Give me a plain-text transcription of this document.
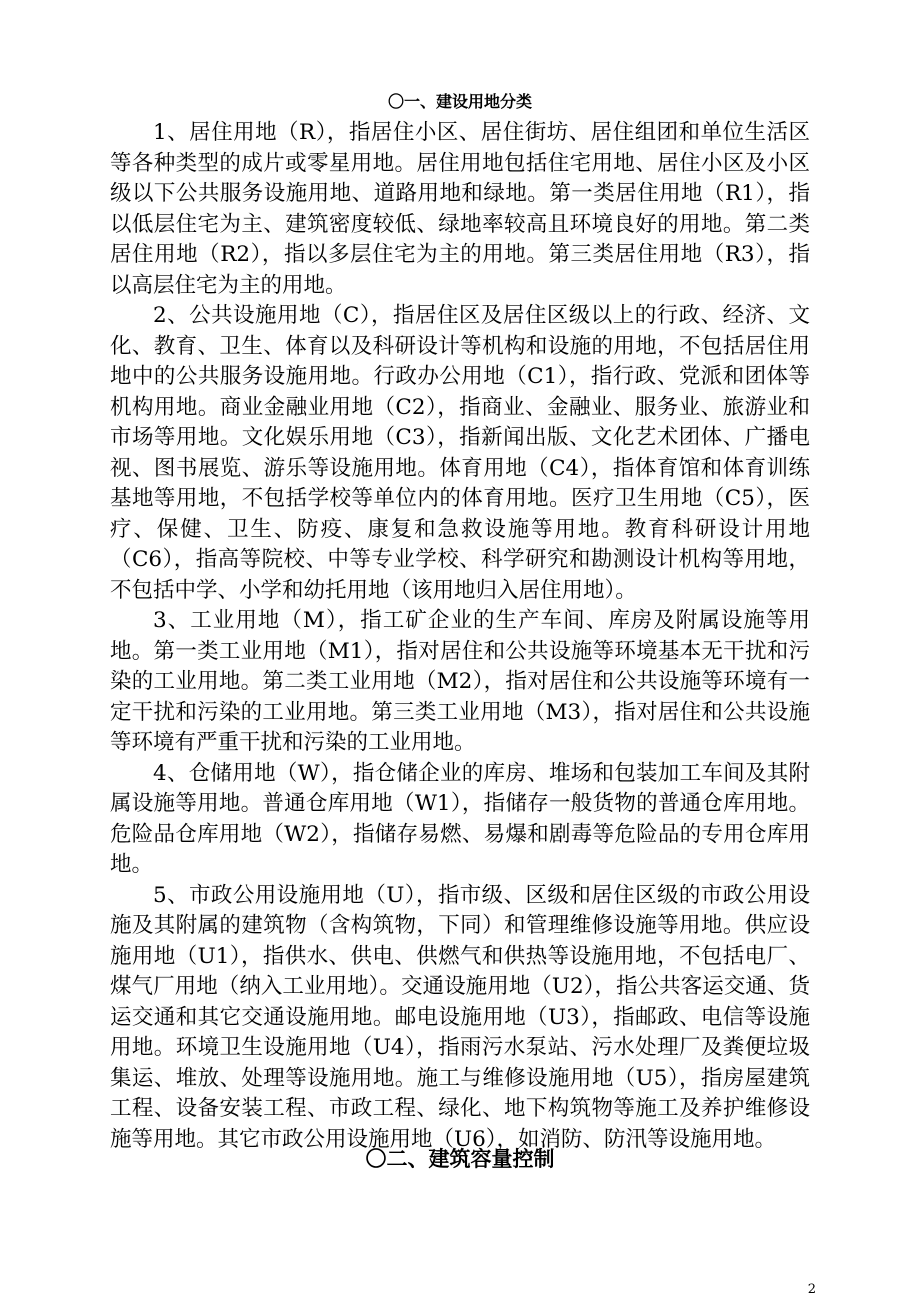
〇一、建设用地分类

1、居住用地（R），指居住小区、居住街坊、居住组团和单位生活区等各种类型的成片或零星用地。居住用地包括住宅用地、居住小区及小区级以下公共服务设施用地、道路用地和绿地。第一类居住用地（R1），指以低层住宅为主、建筑密度较低、绿地率较高且环境良好的用地。第二类居住用地（R2），指以多层住宅为主的用地。第三类居住用地（R3），指以高层住宅为主的用地。

2、公共设施用地（C），指居住区及居住区级以上的行政、经济、文化、教育、卫生、体育以及科研设计等机构和设施的用地，不包括居住用地中的公共服务设施用地。行政办公用地（C1），指行政、党派和团体等机构用地。商业金融业用地（C2），指商业、金融业、服务业、旅游业和市场等用地。文化娱乐用地（C3），指新闻出版、文化艺术团体、广播电视、图书展览、游乐等设施用地。体育用地（C4），指体育馆和体育训练基地等用地，不包括学校等单位内的体育用地。医疗卫生用地（C5），医疗、保健、卫生、防疫、康复和急救设施等用地。教育科研设计用地（C6），指高等院校、中等专业学校、科学研究和勘测设计机构等用地，不包括中学、小学和幼托用地（该用地归入居住用地）。

3、工业用地（M），指工矿企业的生产车间、库房及附属设施等用地。第一类工业用地（M1），指对居住和公共设施等环境基本无干扰和污染的工业用地。第二类工业用地（M2），指对居住和公共设施等环境有一定干扰和污染的工业用地。第三类工业用地（M3），指对居住和公共设施等环境有严重干扰和污染的工业用地。

4、仓储用地（W），指仓储企业的库房、堆场和包装加工车间及其附属设施等用地。普通仓库用地（W1），指储存一般货物的普通仓库用地。危险品仓库用地（W2），指储存易燃、易爆和剧毒等危险品的专用仓库用地。

5、市政公用设施用地（U），指市级、区级和居住区级的市政公用设施及其附属的建筑物（含构筑物，下同）和管理维修设施等用地。供应设施用地（U1），指供水、供电、供燃气和供热等设施用地，不包括电厂、煤气厂用地（纳入工业用地）。交通设施用地（U2），指公共客运交通、货运交通和其它交通设施用地。邮电设施用地（U3），指邮政、电信等设施用地。环境卫生设施用地（U4），指雨污水泵站、污水处理厂及粪便垃圾集运、堆放、处理等设施用地。施工与维修设施用地（U5），指房屋建筑工程、设备安装工程、市政工程、绿化、地下构筑物等施工及养护维修设施等用地。其它市政公用设施用地（U6），如消防、防汛等设施用地。

〇二、建筑容量控制
2
